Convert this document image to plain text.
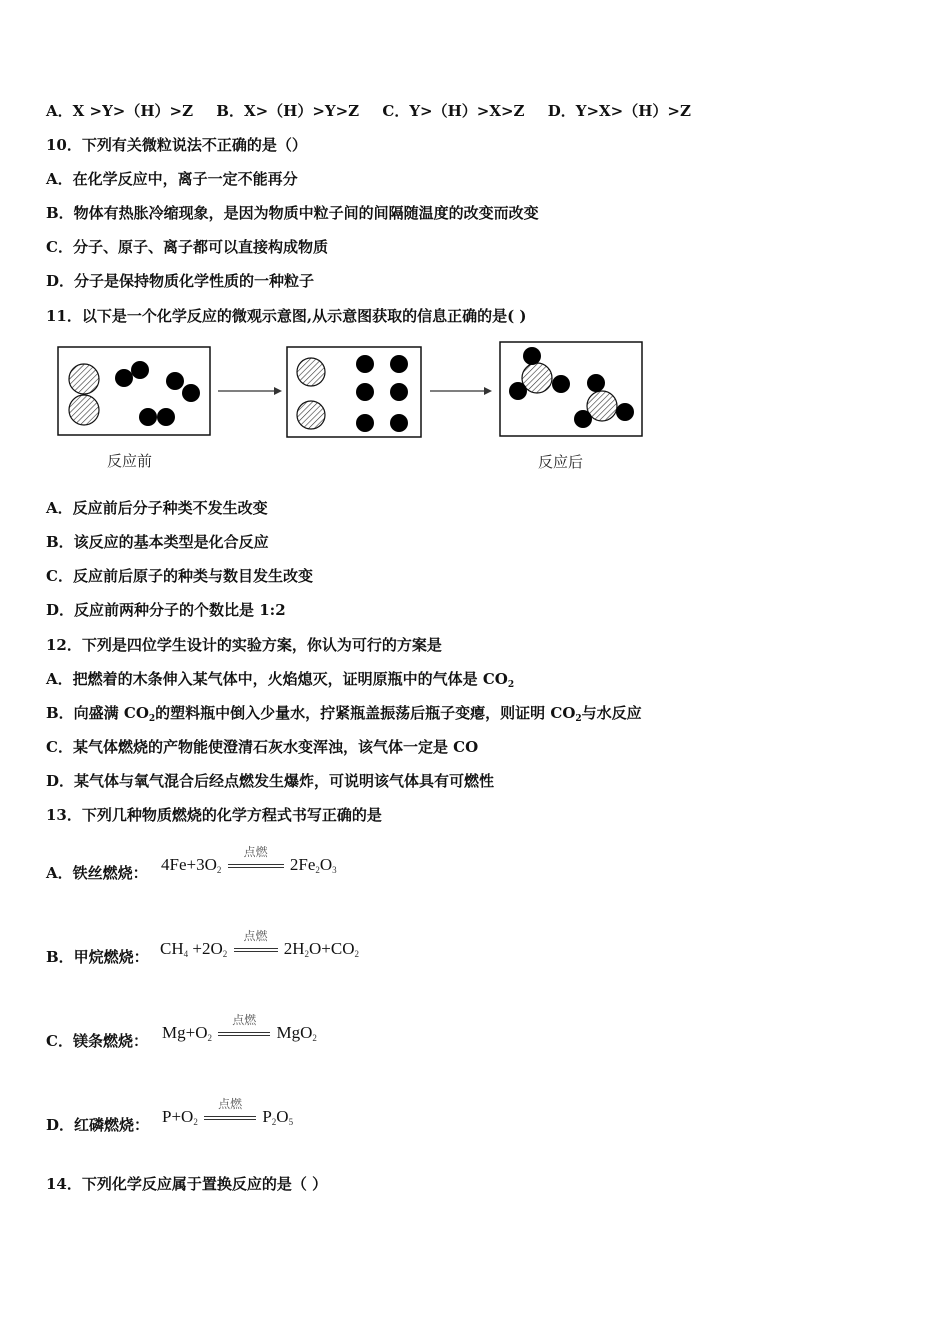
A．X >Y>（H）>Z B．X>（H）>Y>Z C．Y>（H）>X>Z D．Y>X>（H）>Z
10．下列有关微粒说法不正确的是（）
A．在化学反应中，离子一定不能再分
B．物体有热胀冷缩现象，是因为物质中粒子间的间隔随温度的改变而改变
C．分子、原子、离子都可以直接构成物质
D．分子是保持物质化学性质的一种粒子
11．以下是一个化学反应的微观示意图,从示意图获取的信息正确的是( )
反应前	反应后
A．反应前后分子种类不发生改变
B．该反应的基本类型是化合反应
C．反应前后原子的种类与数目发生改变
D．反应前两种分子的个数比是 1:2
12．下列是四位学生设计的实验方案，你认为可行的方案是
A．把燃着的木条伸入某气体中，火焰熄灭，证明原瓶中的气体是 $CO_2$
B．向盛满 $CO_2$的塑料瓶中倒入少量水，拧紧瓶盖振荡后瓶子变瘪，则证明 $CO_2$与水反应
C．某气体燃烧的产物能使澄清石灰水变浑浊，该气体一定是 CO
D．某气体与氧气混合后经点燃发生爆炸，可说明该气体具有可燃性
13．下列几种物质燃烧的化学方程式书写正确的是
A．铁丝燃烧： $4Fe+3O_2$
点燃
$2Fe_2O_3$
B．甲烷燃烧： $CH_4 +2O_2$
点燃
$2H_2O+CO_2$
C．镁条燃烧： $Mg+O_2$
点燃
MgO$_2$
D．红磷燃烧： $P+O_2$
点燃
$P_2O_5$
14．下列化学反应属于置换反应的是（ ）
